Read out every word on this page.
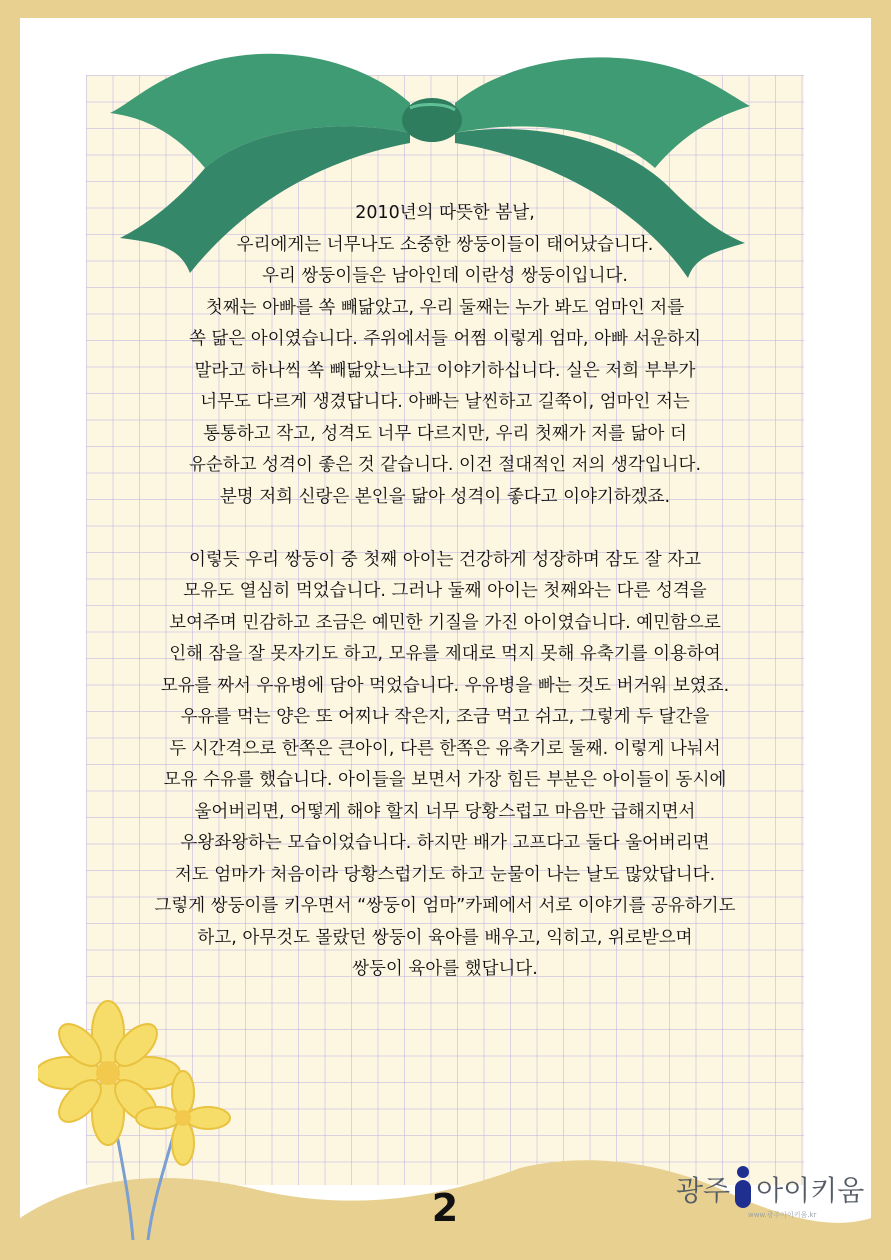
2010년의 따뜻한 봄날,
우리에게는 너무나도 소중한 쌍둥이들이 태어났습니다.
우리 쌍둥이들은 남아인데 이란성 쌍둥이입니다.
첫째는 아빠를 쏙 빼닮았고, 우리 둘째는 누가 봐도 엄마인 저를
쏙 닮은 아이였습니다. 주위에서들 어쩜 이렇게 엄마, 아빠 서운하지
말라고 하나씩 쏙 빼닮았느냐고 이야기하십니다. 실은 저희 부부가
너무도 다르게 생겼답니다. 아빠는 날씬하고 길쭉이, 엄마인 저는
통통하고 작고, 성격도 너무 다르지만, 우리 첫째가 저를 닮아 더
유순하고 성격이 좋은 것 같습니다. 이건 절대적인 저의 생각입니다.
분명 저희 신랑은 본인을 닮아 성격이 좋다고 이야기하겠죠.
이렇듯 우리 쌍둥이 중 첫째 아이는 건강하게 성장하며 잠도 잘 자고
모유도 열심히 먹었습니다. 그러나 둘째 아이는 첫째와는 다른 성격을
보여주며 민감하고 조금은 예민한 기질을 가진 아이였습니다. 예민함으로
인해 잠을 잘 못자기도 하고, 모유를 제대로 먹지 못해 유축기를 이용하여
모유를 짜서 우유병에 담아 먹었습니다. 우유병을 빠는 것도 버거워 보였죠.
우유를 먹는 양은 또 어찌나 작은지, 조금 먹고 쉬고, 그렇게 두 달간을
두 시간격으로 한쪽은 큰아이, 다른 한쪽은 유축기로 둘째. 이렇게 나눠서
모유 수유를 했습니다. 아이들을 보면서 가장 힘든 부분은 아이들이 동시에
울어버리면, 어떻게 해야 할지 너무 당황스럽고 마음만 급해지면서
우왕좌왕하는 모습이었습니다. 하지만 배가 고프다고 둘다 울어버리면
저도 엄마가 처음이라 당황스럽기도 하고 눈물이 나는 날도 많았답니다.
그렇게 쌍둥이를 키우면서 “쌍둥이 엄마”카페에서 서로 이야기를 공유하기도
하고, 아무것도 몰랐던 쌍둥이 육아를 배우고, 익히고, 위로받으며
쌍둥이 육아를 했답니다.
2	광주 아이키움
www.광주아이키움.kr
